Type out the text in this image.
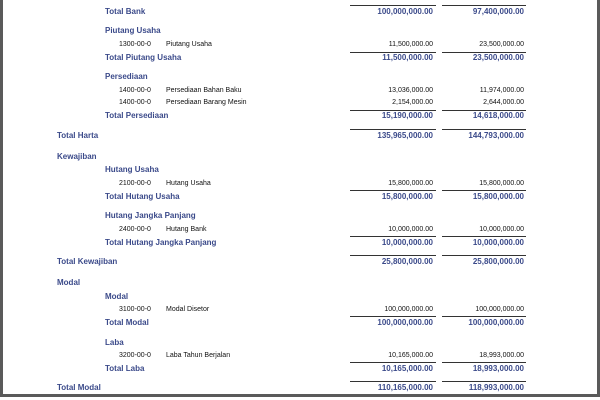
Total Bank	100,000,000.00	97,400,000.00
Piutang Usaha
1300-00-0 Piutang Usaha	11,500,000.00	23,500,000.00
Total Piutang Usaha	11,500,000.00	23,500,000.00
Persediaan
1400-00-0 Persediaan Bahan Baku	13,036,000.00	11,974,000.00
1400-00-0 Persediaan Barang Mesin	2,154,000.00	2,644,000.00
Total Persediaan	15,190,000.00	14,618,000.00
Total Harta	135,965,000.00	144,793,000.00
Kewajiban
Hutang Usaha
2100-00-0 Hutang Usaha	15,800,000.00	15,800,000.00
Total Hutang Usaha	15,800,000.00	15,800,000.00
Hutang Jangka Panjang
2400-00-0 Hutang Bank	10,000,000.00	10,000,000.00
Total Hutang Jangka Panjang	10,000,000.00	10,000,000.00
Total Kewajiban	25,800,000.00	25,800,000.00
Modal
Modal
3100-00-0 Modal Disetor	100,000,000.00	100,000,000.00
Total Modal	100,000,000.00	100,000,000.00
Laba
3200-00-0 Laba Tahun Berjalan	10,165,000.00	18,993,000.00
Total Laba	10,165,000.00	18,993,000.00
Total Modal	110,165,000.00	118,993,000.00
